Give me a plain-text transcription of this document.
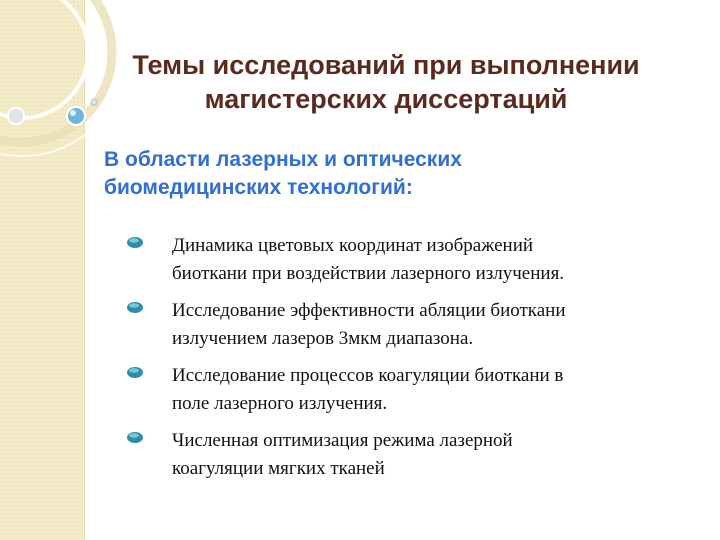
Темы исследований при выполнении
магистерских диссертаций
В области лазерных и оптических
биомедицинских технологий:
Динамика цветовых координат изображений
биоткани при воздействии лазерного излучения.
Исследование эффективности абляции биоткани
излучением лазеров 3мкм диапазона.
Исследование процессов коагуляции биоткани в
поле лазерного излучения.
Численная оптимизация режима лазерной
коагуляции мягких тканей
